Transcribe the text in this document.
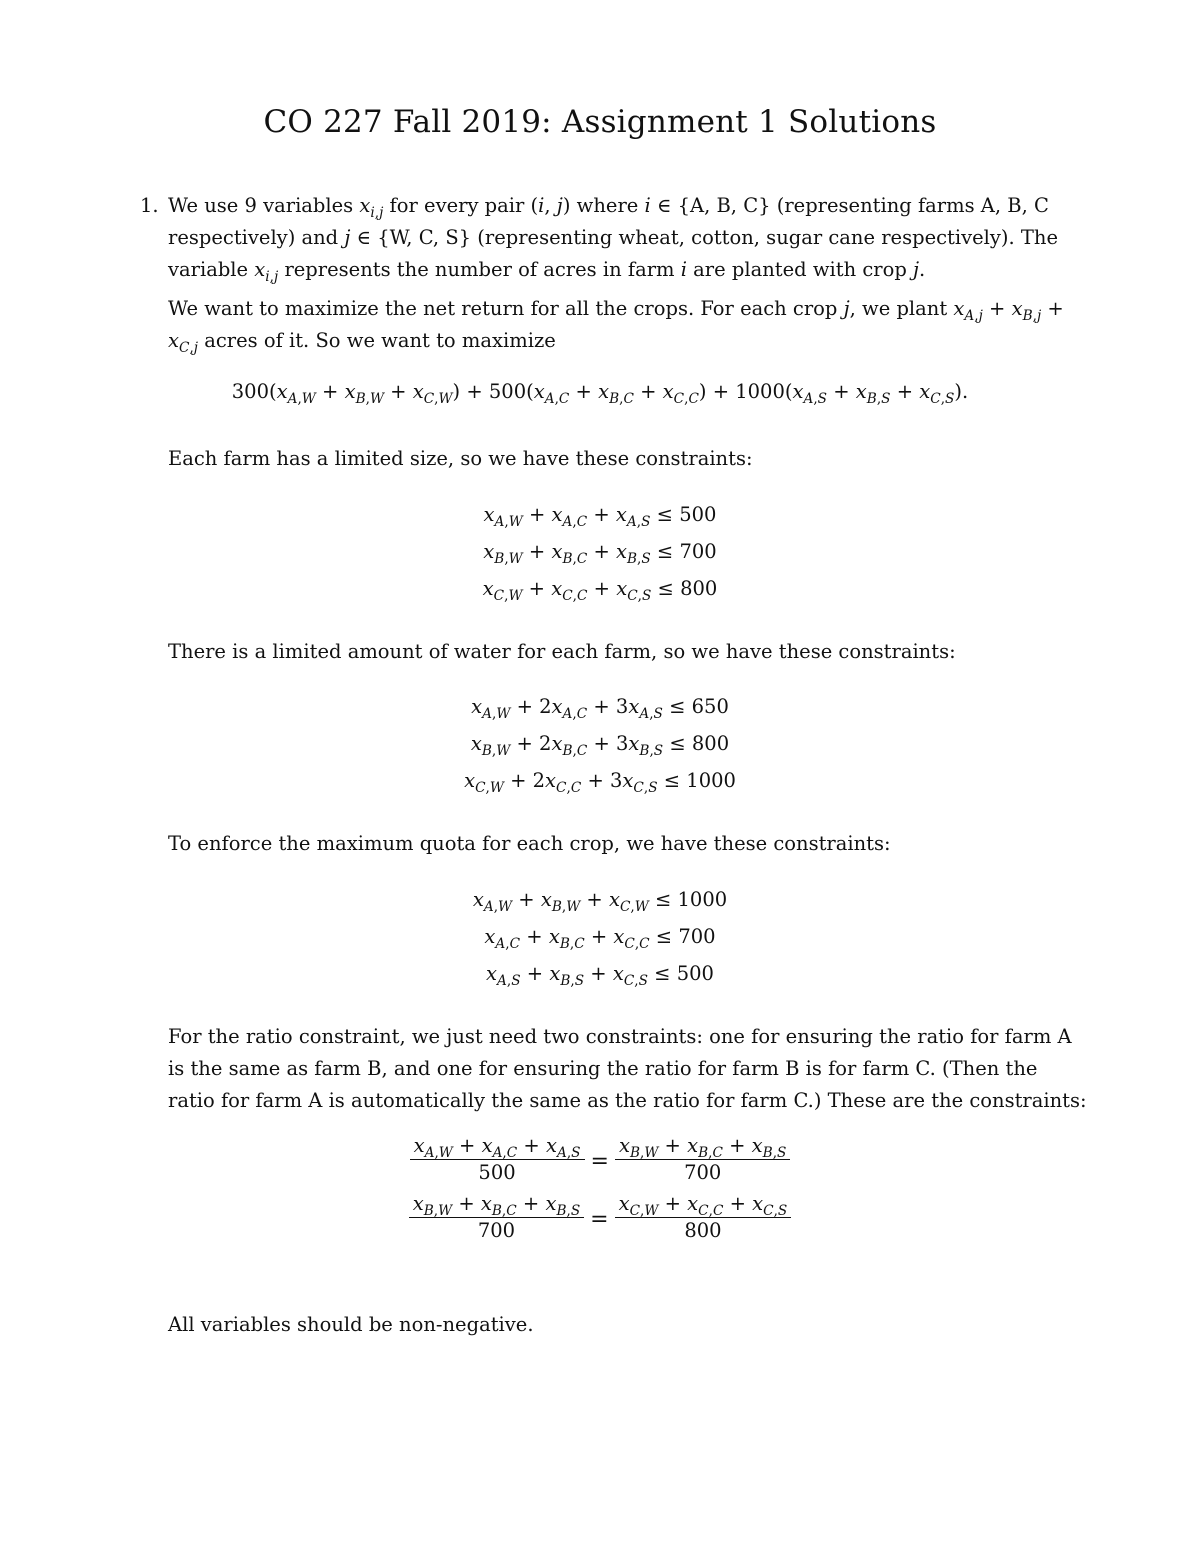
CO 227 Fall 2019: Assignment 1 Solutions
1. We use 9 variables $x_{i,j}$ for every pair (i, j) where i ∈ {A, B, C} (representing farms A, B, C
respectively) and j ∈ {W, C, S} (representing wheat, cotton, sugar cane respectively). The
variable $x_{i,j}$ represents the number of acres in farm i are planted with crop j.
We want to maximize the net return for all the crops. For each crop j, we plant $x_{A,j} + x_{B,j}$ +
$x_{C,j}$ acres of it. So we want to maximize
$300(x_{A,W} + x_{B,W} + x_{C,W}) + 500(x_{A,C} + x_{B,C} + x_{C,C}) + 1000(x_{A,S} + x_{B,S} + x_{C,S})$.
Each farm has a limited size, so we have these constraints:
$x_{A,W} + x_{A,C} + x_{A,S} \le 500$
$x_{B,W} + x_{B,C} + x_{B,S} \le 700$
$x_{C,W} + x_{C,C} + x_{C,S} \le 800$
There is a limited amount of water for each farm, so we have these constraints:
$x_{A,W} + 2x_{A,C} + 3x_{A,S} \le 650$
$x_{B,W} + 2x_{B,C} + 3x_{B,S} \le 800$
$x_{C,W} + 2x_{C,C} + 3x_{C,S} \le 1000$
To enforce the maximum quota for each crop, we have these constraints:
$x_{A,W} + x_{B,W} + x_{C,W} \le 1000$
$x_{A,C} + x_{B,C} + x_{C,C} \le 700$
$x_{A,S} + x_{B,S} + x_{C,S} \le 500$
For the ratio constraint, we just need two constraints: one for ensuring the ratio for farm A
is the same as farm B, and one for ensuring the ratio for farm B is for farm C. (Then the
ratio for farm A is automatically the same as the ratio for farm C.) These are the constraints:
$\frac{x_{A,W} + x_{A,C} + x_{A,S}}{500} = \frac{x_{B,W} + x_{B,C} + x_{B,S}}{700}$
$\frac{x_{B,W} + x_{B,C} + x_{B,S}}{700} = \frac{x_{C,W} + x_{C,C} + x_{C,S}}{800}$
All variables should be non-negative.
